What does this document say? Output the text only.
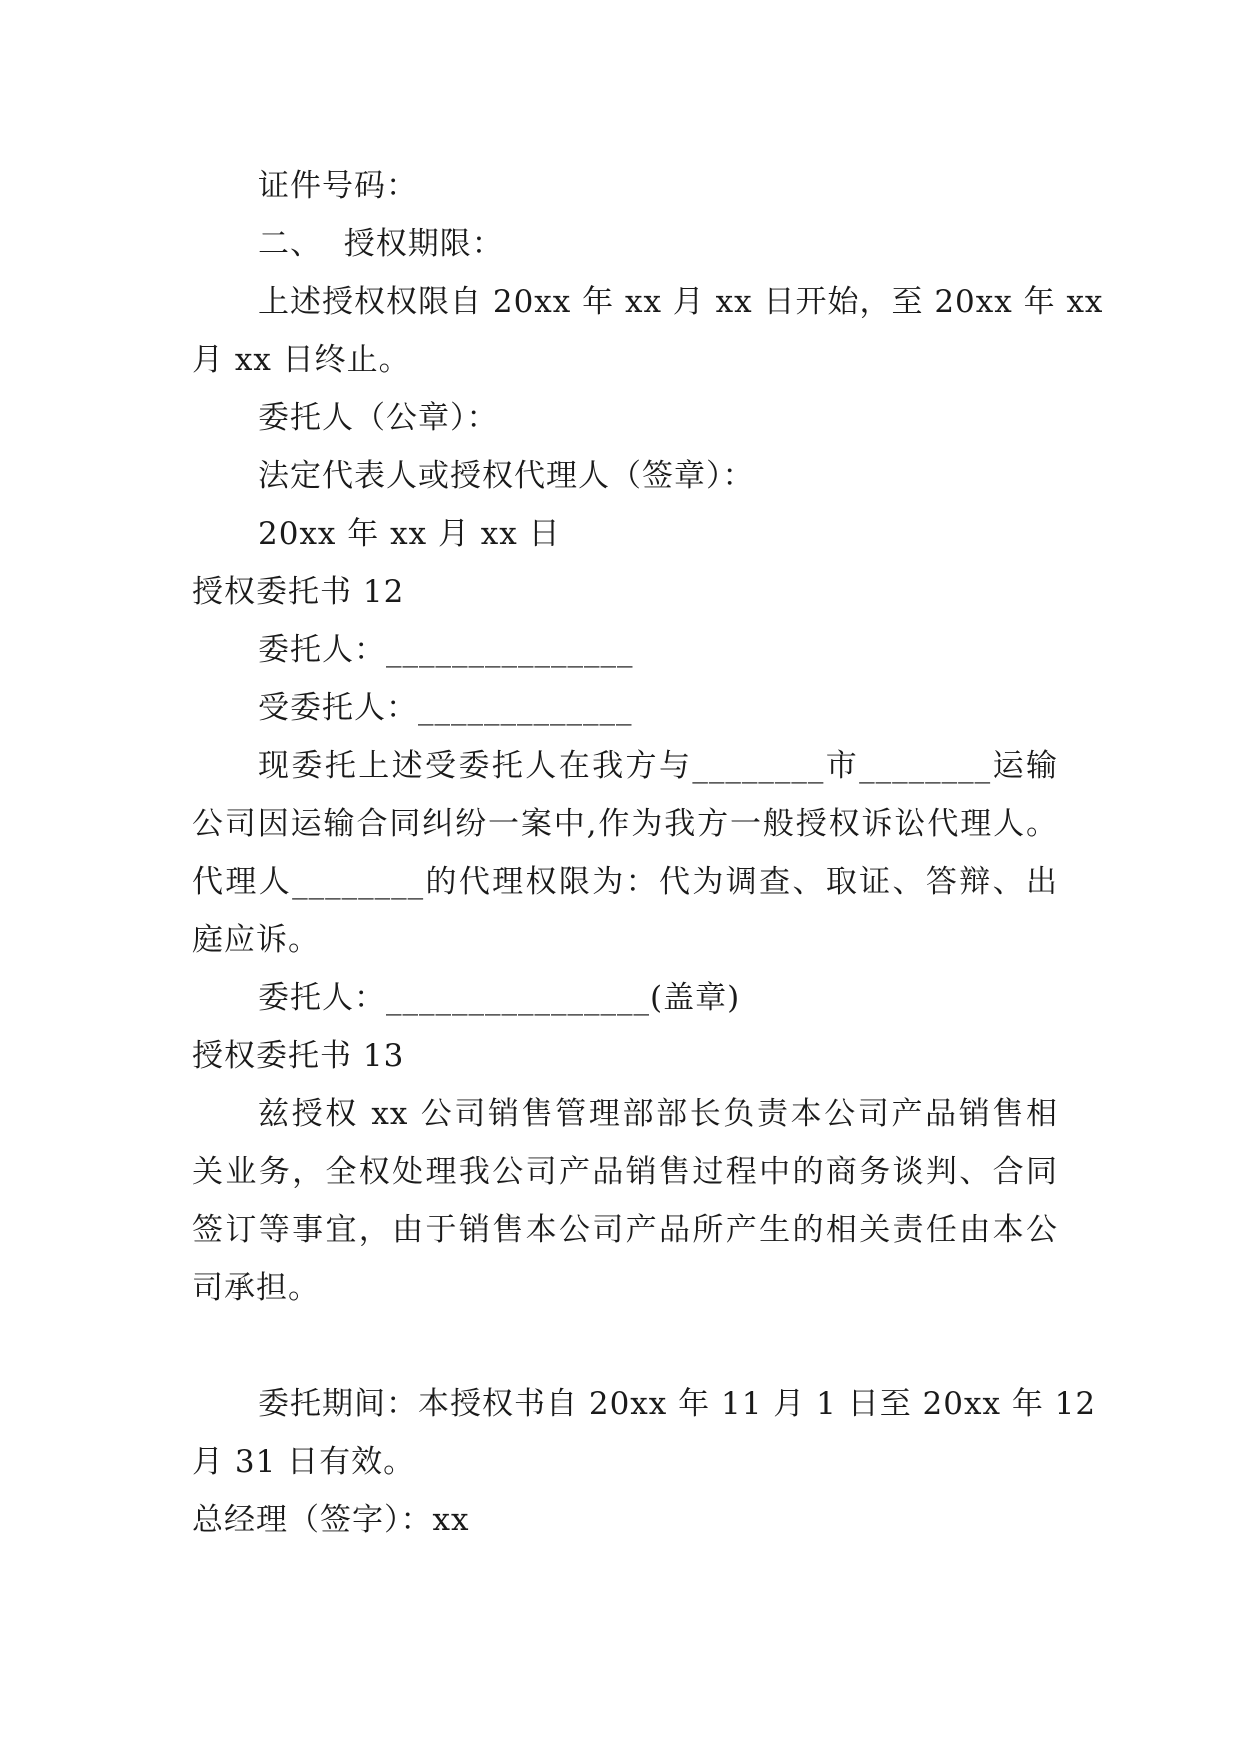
证件号码：
二、  授权期限：
上述授权权限自 20xx 年 xx 月 xx 日开始，至 20xx 年 xx
月 xx 日终止。
委托人（公章）：
法定代表人或授权代理人（签章）：
20xx 年 xx 月 xx 日
授权委托书 12
委托人：_______________
受委托人：_____________
现委托上述受委托人在我方与________市________运输
公司因运输合同纠纷一案中,作为我方一般授权诉讼代理人。
代理人________的代理权限为：代为调查、取证、答辩、出
庭应诉。
委托人：________________(盖章)
授权委托书 13
兹授权 xx 公司销售管理部部长负责本公司产品销售相
关业务，全权处理我公司产品销售过程中的商务谈判、合同
签订等事宜，由于销售本公司产品所产生的相关责任由本公
司承担。
委托期间：本授权书自 20xx 年 11 月 1 日至 20xx 年 12
月 31 日有效。
总经理（签字）：xx
